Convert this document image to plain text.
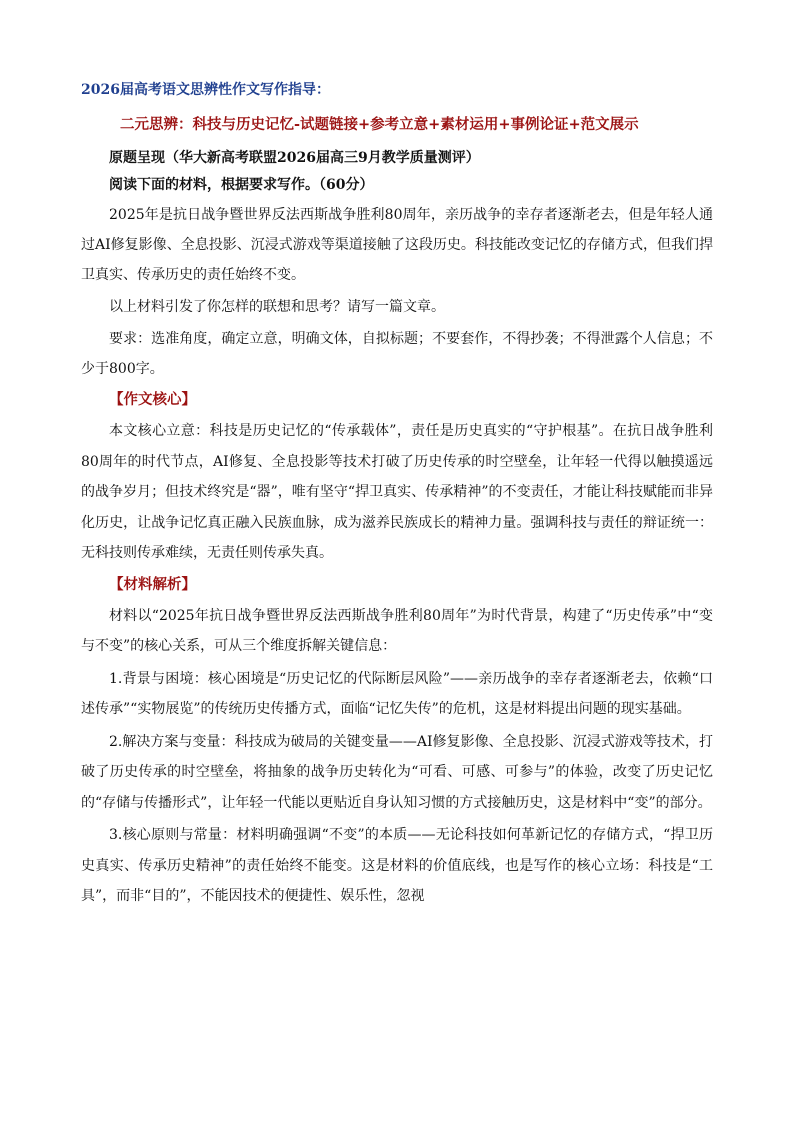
2026届高考语文思辨性作文写作指导：

二元思辨：科技与历史记忆-试题链接+参考立意+素材运用+事例论证+范文展示

原题呈现（华大新高考联盟2026届高三9月教学质量测评）

阅读下面的材料，根据要求写作。（60分）

2025年是抗日战争暨世界反法西斯战争胜利80周年，亲历战争的幸存者逐渐老去，但是年轻人通过AI修复影像、全息投影、沉浸式游戏等渠道接触了这段历史。科技能改变记忆的存储方式，但我们捍卫真实、传承历史的责任始终不变。

以上材料引发了你怎样的联想和思考？请写一篇文章。

要求：选准角度，确定立意，明确文体，自拟标题；不要套作，不得抄袭；不得泄露个人信息；不少于800字。

【作文核心】

本文核心立意：科技是历史记忆的“传承载体”，责任是历史真实的“守护根基”。在抗日战争胜利80周年的时代节点，AI修复、全息投影等技术打破了历史传承的时空壁垒，让年轻一代得以触摸遥远的战争岁月；但技术终究是“器”，唯有坚守“捍卫真实、传承精神”的不变责任，才能让科技赋能而非异化历史，让战争记忆真正融入民族血脉，成为滋养民族成长的精神力量。强调科技与责任的辩证统一：无科技则传承难续，无责任则传承失真。

【材料解析】

材料以“2025年抗日战争暨世界反法西斯战争胜利80周年”为时代背景，构建了“历史传承”中“变与不变”的核心关系，可从三个维度拆解关键信息：

1.背景与困境：核心困境是“历史记忆的代际断层风险”——亲历战争的幸存者逐渐老去，依赖“口述传承”“实物展览”的传统历史传播方式，面临“记忆失传”的危机，这是材料提出问题的现实基础。

2.解决方案与变量：科技成为破局的关键变量——AI修复影像、全息投影、沉浸式游戏等技术，打破了历史传承的时空壁垒，将抽象的战争历史转化为“可看、可感、可参与”的体验，改变了历史记忆的“存储与传播形式”，让年轻一代能以更贴近自身认知习惯的方式接触历史，这是材料中“变”的部分。

3.核心原则与常量：材料明确强调“不变”的本质——无论科技如何革新记忆的存储方式，“捍卫历史真实、传承历史精神”的责任始终不能变。这是材料的价值底线，也是写作的核心立场：科技是“工具”，而非“目的”，不能因技术的便捷性、娱乐性，忽视
